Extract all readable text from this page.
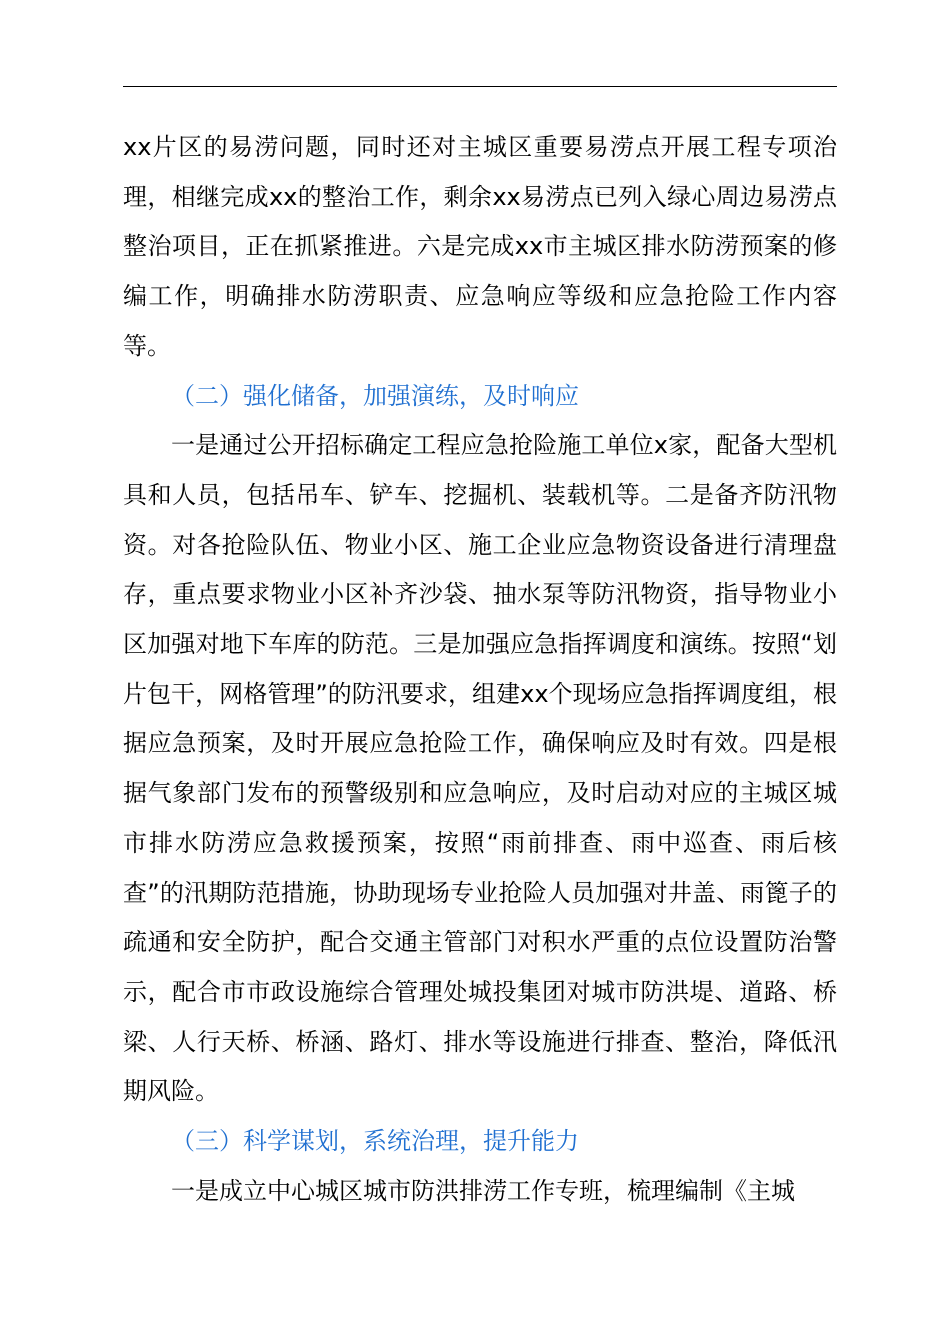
xx片区的易涝问题，同时还对主城区重要易涝点开展工程专项治理，相继完成xx的整治工作，剩余xx易涝点已列入绿心周边易涝点整治项目，正在抓紧推进。六是完成xx市主城区排水防涝预案的修编工作，明确排水防涝职责、应急响应等级和应急抢险工作内容等。

（二）强化储备，加强演练，及时响应

一是通过公开招标确定工程应急抢险施工单位x家，配备大型机具和人员，包括吊车、铲车、挖掘机、装载机等。二是备齐防汛物资。对各抢险队伍、物业小区、施工企业应急物资设备进行清理盘存，重点要求物业小区补齐沙袋、抽水泵等防汛物资，指导物业小区加强对地下车库的防范。三是加强应急指挥调度和演练。按照“划片包干，网格管理”的防汛要求，组建xx个现场应急指挥调度组，根据应急预案，及时开展应急抢险工作，确保响应及时有效。四是根据气象部门发布的预警级别和应急响应，及时启动对应的主城区城市排水防涝应急救援预案，按照“雨前排查、雨中巡查、雨后核查”的汛期防范措施，协助现场专业抢险人员加强对井盖、雨篦子的疏通和安全防护，配合交通主管部门对积水严重的点位设置防治警示，配合市市政设施综合管理处城投集团对城市防洪堤、道路、桥梁、人行天桥、桥涵、路灯、排水等设施进行排查、整治，降低汛期风险。

（三）科学谋划，系统治理，提升能力

一是成立中心城区城市防洪排涝工作专班，梳理编制《主城
